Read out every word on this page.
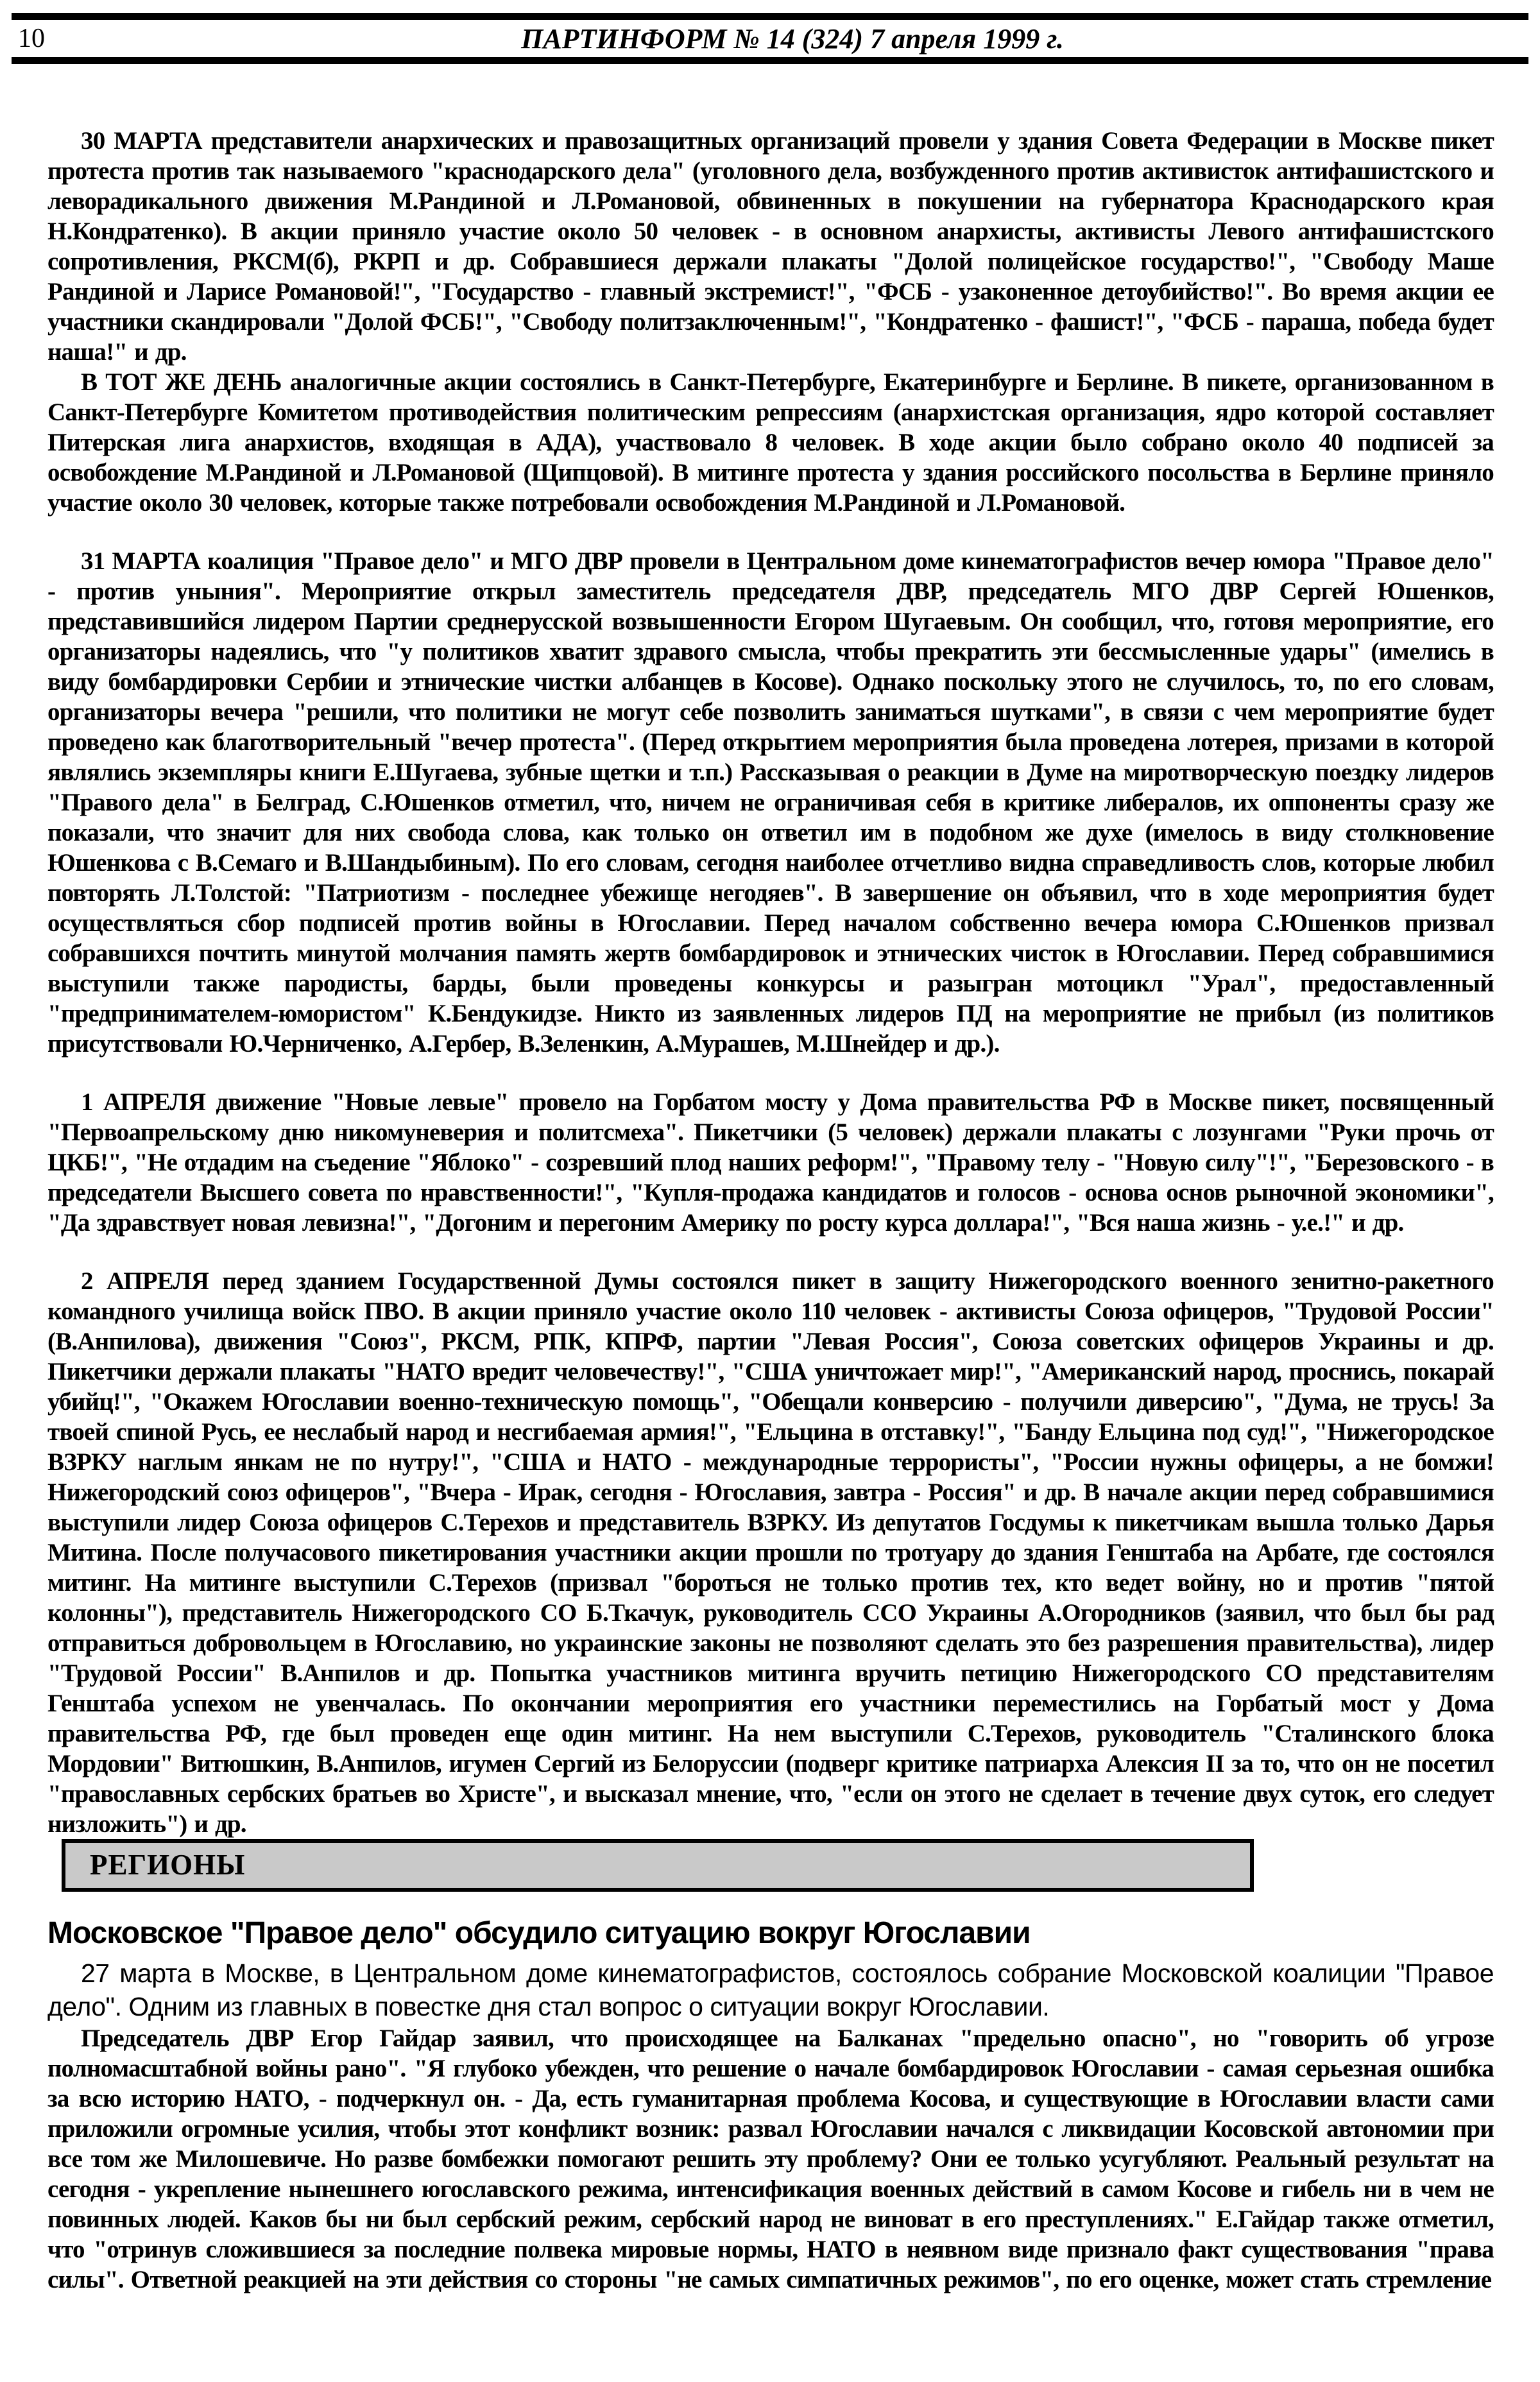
10	ПАРТИНФОРМ № 14 (324) 7 апреля 1999 г.

30 МАРТА представители анархических и правозащитных организаций провели у здания Совета Федерации в Москве пикет протеста против так называемого "краснодарского дела" (уголовного дела, возбужденного против активисток антифашистского и леворадикального движения М.Рандиной и Л.Романовой, обвиненных в покушении на губернатора Краснодарского края Н.Кондратенко). В акции приняло участие около 50 человек - в основном анархисты, активисты Левого антифашистского сопротивления, РКСМ(б), РКРП и др. Собравшиеся держали плакаты "Долой полицейское государство!", "Свободу Маше Рандиной и Ларисе Романовой!", "Государство - главный экстремист!", "ФСБ - узаконенное детоубийство!". Во время акции ее участники скандировали "Долой ФСБ!", "Свободу политзаключенным!", "Кондратенко - фашист!", "ФСБ - параша, победа будет наша!" и др.

В ТОТ ЖЕ ДЕНЬ аналогичные акции состоялись в Санкт-Петербурге, Екатеринбурге и Берлине. В пикете, организованном в Санкт-Петербурге Комитетом противодействия политическим репрессиям (анархистская организация, ядро которой составляет Питерская лига анархистов, входящая в АДА), участвовало 8 человек. В ходе акции было собрано около 40 подписей за освобождение М.Рандиной и Л.Романовой (Щипцовой). В митинге протеста у здания российского посольства в Берлине приняло участие около 30 человек, которые также потребовали освобождения М.Рандиной и Л.Романовой.

31 МАРТА коалиция "Правое дело" и МГО ДВР провели в Центральном доме кинематографистов вечер юмора "Правое дело" - против уныния". Мероприятие открыл заместитель председателя ДВР, председатель МГО ДВР Сергей Юшенков, представившийся лидером Партии среднерусской возвышенности Егором Шугаевым. Он сообщил, что, готовя мероприятие, его организаторы надеялись, что "у политиков хватит здравого смысла, чтобы прекратить эти бессмысленные удары" (имелись в виду бомбардировки Сербии и этнические чистки албанцев в Косове). Однако поскольку этого не случилось, то, по его словам, организаторы вечера "решили, что политики не могут себе позволить заниматься шутками", в связи с чем мероприятие будет проведено как благотворительный "вечер протеста". (Перед открытием мероприятия была проведена лотерея, призами в которой являлись экземпляры книги Е.Шугаева, зубные щетки и т.п.) Рассказывая о реакции в Думе на миротворческую поездку лидеров "Правого дела" в Белград, С.Юшенков отметил, что, ничем не ограничивая себя в критике либералов, их оппоненты сразу же показали, что значит для них свобода слова, как только он ответил им в подобном же духе (имелось в виду столкновение Юшенкова с В.Семаго и В.Шандыбиным). По его словам, сегодня наиболее отчетливо видна справедливость слов, которые любил повторять Л.Толстой: "Патриотизм - последнее убежище негодяев". В завершение он объявил, что в ходе мероприятия будет осуществляться сбор подписей против войны в Югославии. Перед началом собственно вечера юмора С.Юшенков призвал собравшихся почтить минутой молчания память жертв бомбардировок и этнических чисток в Югославии. Перед собравшимися выступили также пародисты, барды, были проведены конкурсы и разыгран мотоцикл "Урал", предоставленный "предпринимателем-юмористом" К.Бендукидзе. Никто из заявленных лидеров ПД на мероприятие не прибыл (из политиков присутствовали Ю.Черниченко, А.Гербер, В.Зеленкин, А.Мурашев, М.Шнейдер и др.).

1 АПРЕЛЯ движение "Новые левые" провело на Горбатом мосту у Дома правительства РФ в Москве пикет, посвященный "Первоапрельскому дню никомуневерия и политсмеха". Пикетчики (5 человек) держали плакаты с лозунгами "Руки прочь от ЦКБ!", "Не отдадим на съедение "Яблоко" - созревший плод наших реформ!", "Правому телу - "Новую силу"!", "Березовского - в председатели Высшего совета по нравственности!", "Купля-продажа кандидатов и голосов - основа основ рыночной экономики", "Да здравствует новая левизна!", "Догоним и перегоним Америку по росту курса доллара!", "Вся наша жизнь - у.е.!" и др.

2 АПРЕЛЯ перед зданием Государственной Думы состоялся пикет в защиту Нижегородского военного зенитно-ракетного командного училища войск ПВО. В акции приняло участие около 110 человек - активисты Союза офицеров, "Трудовой России" (В.Анпилова), движения "Союз", РКСМ, РПК, КПРФ, партии "Левая Россия", Союза советских офицеров Украины и др. Пикетчики держали плакаты "НАТО вредит человечеству!", "США уничтожает мир!", "Американский народ, проснись, покарай убийц!", "Окажем Югославии военно-техническую помощь", "Обещали конверсию - получили диверсию", "Дума, не трусь! За твоей спиной Русь, ее неслабый народ и несгибаемая армия!", "Ельцина в отставку!", "Банду Ельцина под суд!", "Нижегородское ВЗРКУ наглым янкам не по нутру!", "США и НАТО - международные террористы", "России нужны офицеры, а не бомжи! Нижегородский союз офицеров", "Вчера - Ирак, сегодня - Югославия, завтра - Россия" и др. В начале акции перед собравшимися выступили лидер Союза офицеров С.Терехов и представитель ВЗРКУ. Из депутатов Госдумы к пикетчикам вышла только Дарья Митина. После получасового пикетирования участники акции прошли по тротуару до здания Генштаба на Арбате, где состоялся митинг. На митинге выступили С.Терехов (призвал "бороться не только против тех, кто ведет войну, но и против "пятой колонны"), представитель Нижегородского СО Б.Ткачук, руководитель ССО Украины А.Огородников (заявил, что был бы рад отправиться добровольцем в Югославию, но украинские законы не позволяют сделать это без разрешения правительства), лидер "Трудовой России" В.Анпилов и др. Попытка участников митинга вручить петицию Нижегородского СО представителям Генштаба успехом не увенчалась. По окончании мероприятия его участники переместились на Горбатый мост у Дома правительства РФ, где был проведен еще один митинг. На нем выступили С.Терехов, руководитель "Сталинского блока Мордовии" Витюшкин, В.Анпилов, игумен Сергий из Белоруссии (подверг критике патриарха Алексия II за то, что он не посетил "православных сербских братьев во Христе", и высказал мнение, что, "если он этого не сделает в течение двух суток, его следует низложить") и др.

РЕГИОНЫ
Московское "Правое дело" обсудило ситуацию вокруг Югославии

27 марта в Москве, в Центральном доме кинематографистов, состоялось собрание Московской коалиции "Правое дело". Одним из главных в повестке дня стал вопрос о ситуации вокруг Югославии.

Председатель ДВР Егор Гайдар заявил, что происходящее на Балканах "предельно опасно", но "говорить об угрозе полномасштабной войны рано". "Я глубоко убежден, что решение о начале бомбардировок Югославии - самая серьезная ошибка за всю историю НАТО, - подчеркнул он. - Да, есть гуманитарная проблема Косова, и существующие в Югославии власти сами приложили огромные усилия, чтобы этот конфликт возник: развал Югославии начался с ликвидации Косовской автономии при все том же Милошевиче. Но разве бомбежки помогают решить эту проблему? Они ее только усугубляют. Реальный результат на сегодня - укрепление нынешнего югославского режима, интенсификация военных действий в самом Косове и гибель ни в чем не повинных людей. Каков бы ни был сербский режим, сербский народ не виноват в его преступлениях." Е.Гайдар также отметил, что "отринув сложившиеся за последние полвека мировые нормы, НАТО в неявном виде признало факт существования "права силы". Ответной реакцией на эти действия со стороны "не самых симпатичных режимов", по его оценке, может стать стремление
